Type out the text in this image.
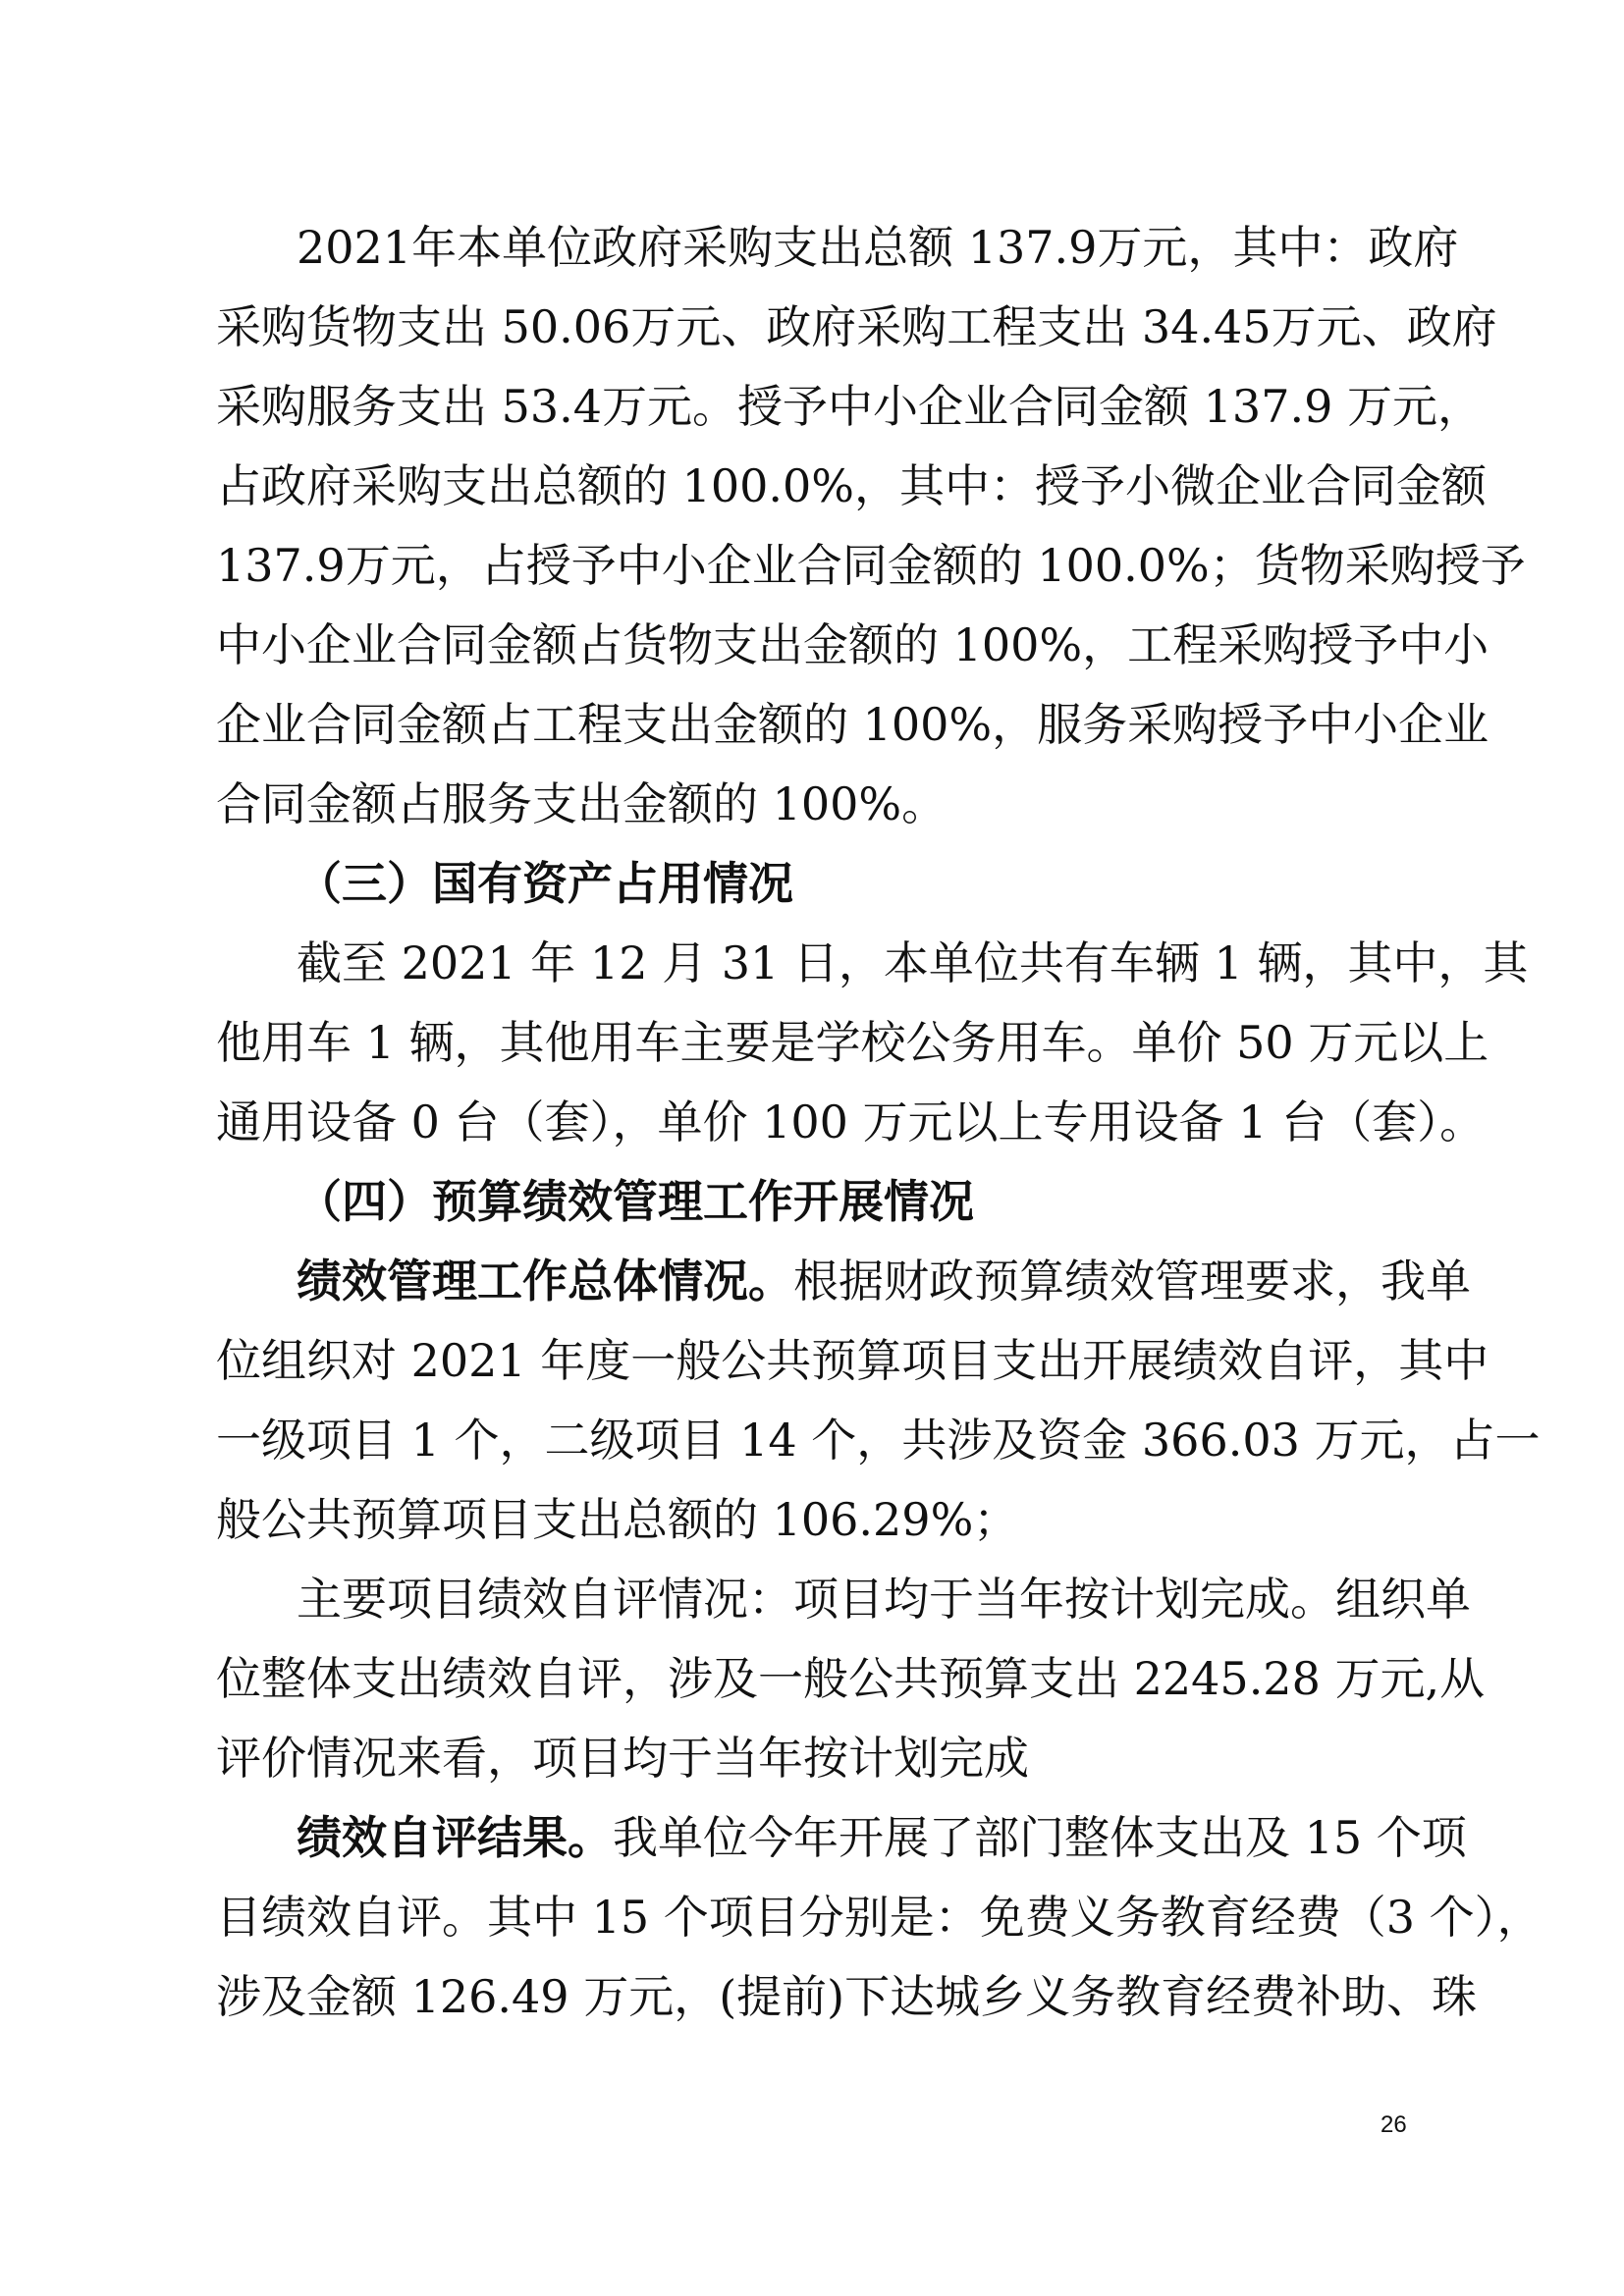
2021年本单位政府采购支出总额 137.9万元，其中：政府
采购货物支出 50.06万元、政府采购工程支出 34.45万元、政府
采购服务支出 53.4万元。授予中小企业合同金额 137.9 万元，
占政府采购支出总额的 100.0%，其中：授予小微企业合同金额
137.9万元，占授予中小企业合同金额的 100.0%；货物采购授予
中小企业合同金额占货物支出金额的 100%，工程采购授予中小
企业合同金额占工程支出金额的 100%，服务采购授予中小企业
合同金额占服务支出金额的 100%。
（三）国有资产占用情况
截至 2021 年 12 月 31 日，本单位共有车辆 1 辆，其中，其
他用车 1 辆，其他用车主要是学校公务用车。单价 50 万元以上
通用设备 0 台（套），单价 100 万元以上专用设备 1 台（套）。
（四）预算绩效管理工作开展情况
绩效管理工作总体情况。根据财政预算绩效管理要求，我单
位组织对 2021 年度一般公共预算项目支出开展绩效自评，其中
一级项目 1 个，二级项目 14 个，共涉及资金 366.03 万元，占一
般公共预算项目支出总额的 106.29%；
主要项目绩效自评情况：项目均于当年按计划完成。组织单
位整体支出绩效自评，涉及一般公共预算支出 2245.28 万元,从
评价情况来看，项目均于当年按计划完成
绩效自评结果。我单位今年开展了部门整体支出及 15 个项
目绩效自评。其中 15 个项目分别是：免费义务教育经费（3 个），
涉及金额 126.49 万元，(提前)下达城乡义务教育经费补助、珠
26
